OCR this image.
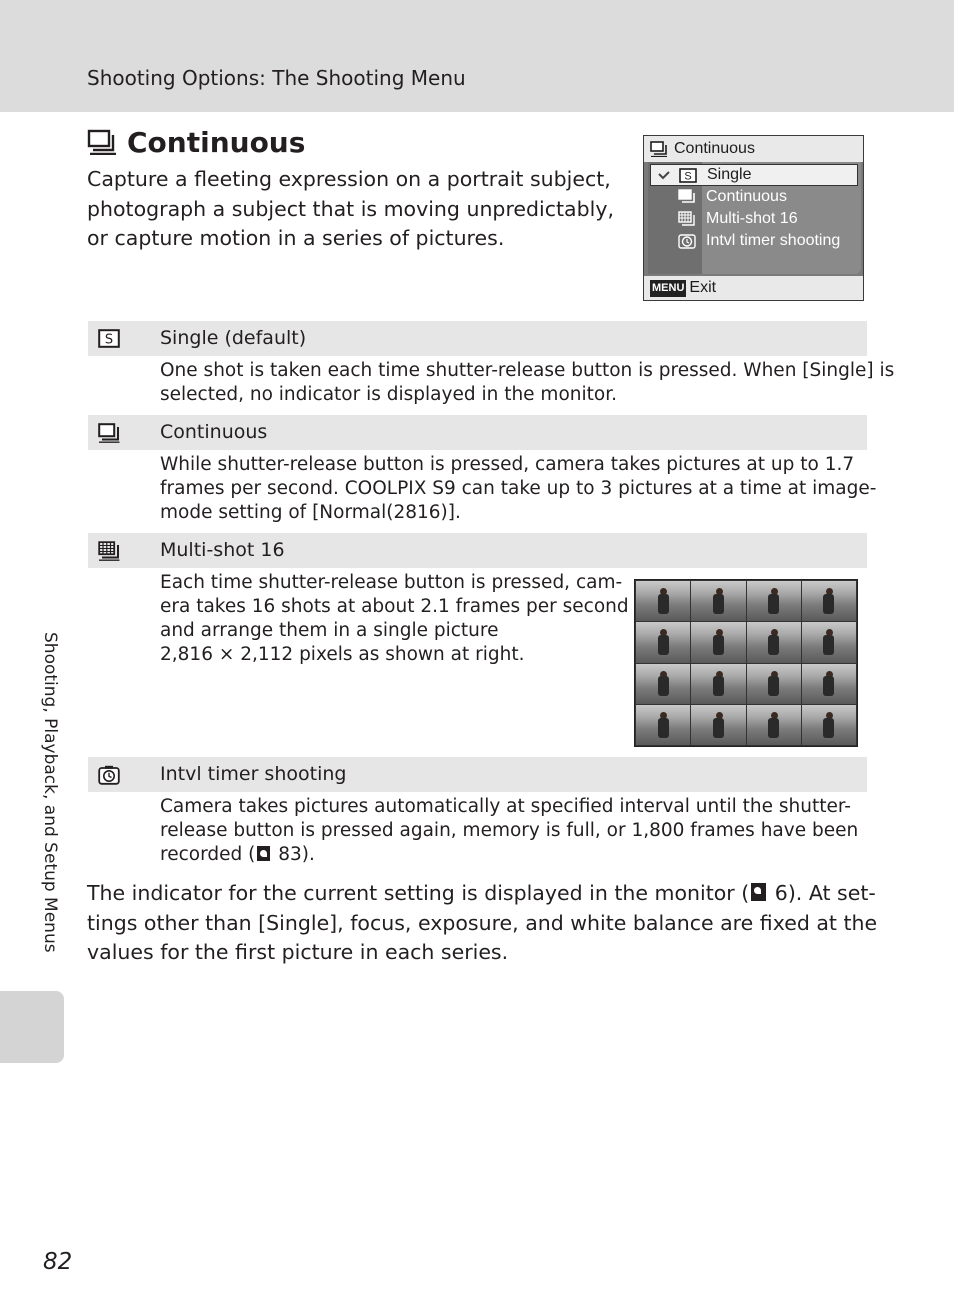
Shooting Options: The Shooting Menu
Continuous
Capture a fleeting expression on a portrait subject,
photograph a subject that is moving unpredictably,
or capture motion in a series of pictures.
Continuous
S Single
Continuous
Multi-shot 16
Intvl timer shooting
MENU Exit
S Single (default)
One shot is taken each time shutter-release button is pressed. When [Single] is
selected, no indicator is displayed in the monitor.
Continuous
While shutter-release button is pressed, camera takes pictures at up to 1.7
frames per second. COOLPIX S9 can take up to 3 pictures at a time at image-
mode setting of [Normal(2816)].
Multi-shot 16
Each time shutter-release button is pressed, cam-
era takes 16 shots at about 2.1 frames per second
and arrange them in a single picture
2,816 × 2,112 pixels as shown at right.
Intvl timer shooting
Camera takes pictures automatically at specified interval until the shutter-
release button is pressed again, memory is full, or 1,800 frames have been
recorded ( 83).
The indicator for the current setting is displayed in the monitor ( 6). At set-
tings other than [Single], focus, exposure, and white balance are fixed at the
values for the first picture in each series.
Shooting, Playback, and Setup Menus
82
